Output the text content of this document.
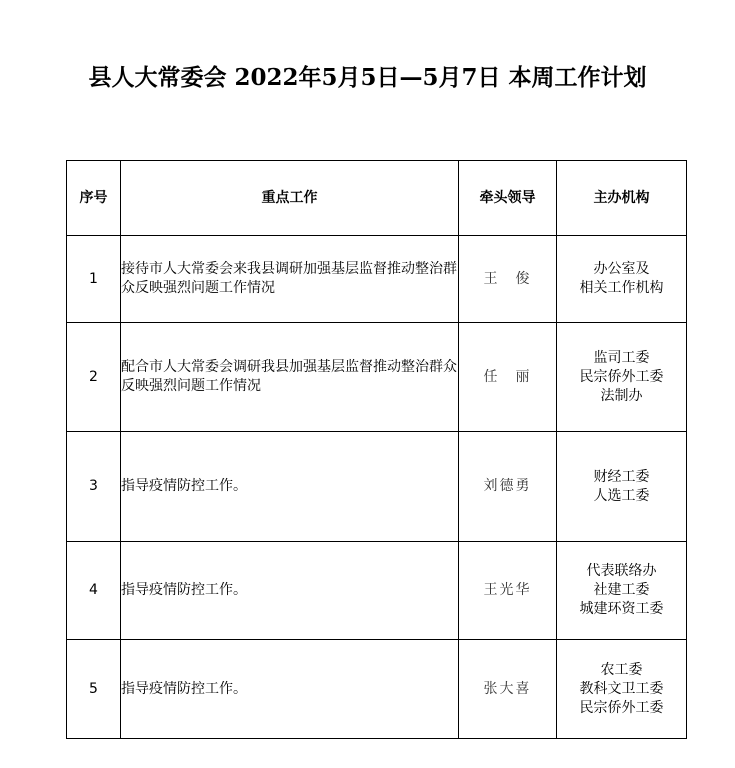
县人大常委会 2022年5月5日—5月7日 本周工作计划
序号	重点工作	牵头领导	主办机构
1	接待市人大常委会来我县调研加强基层监督推动整治群众反映强烈问题工作情况	王　俊	办公室及
相关工作机构

2	配合市人大常委会调研我县加强基层监督推动整治群众反映强烈问题工作情况	任　丽	监司工委
民宗侨外工委
法制办

3	指导疫情防控工作。	刘德勇	财经工委
人选工委

4	指导疫情防控工作。	王光华	代表联络办
社建工委
城建环资工委

5	指导疫情防控工作。	张大喜	农工委
教科文卫工委
民宗侨外工委
